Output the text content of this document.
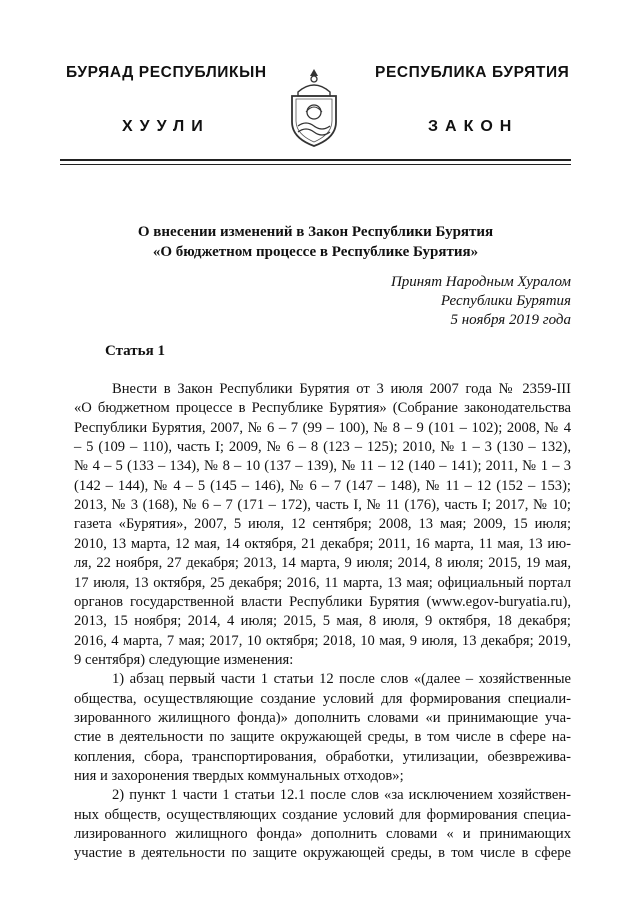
БУРЯАД РЕСПУБЛИКЫН	РЕСПУБЛИКА БУРЯТИЯ
ХУУЛИ	ЗАКОН
О внесении изменений в Закон Республики Бурятия
«О бюджетном процессе в Республике Бурятия»
Принят Народным Хуралом
Республики Бурятия
5 ноября 2019 года
Статья 1
Внести в Закон Республики Бурятия от 3 июля 2007 года № 2359-III
«О бюджетном процессе в Республике Бурятия» (Собрание законодательства
Республики Бурятия, 2007, № 6 – 7 (99 – 100), № 8 – 9 (101 – 102); 2008, № 4
– 5 (109 – 110), часть I; 2009, № 6 – 8 (123 – 125); 2010, № 1 – 3 (130 – 132),
№ 4 – 5 (133 – 134), № 8 – 10 (137 – 139), № 11 – 12 (140 – 141); 2011, № 1 – 3
(142 – 144), № 4 – 5 (145 – 146), № 6 – 7 (147 – 148), № 11 – 12 (152 – 153);
2013, № 3 (168), № 6 – 7 (171 – 172), часть I, № 11 (176), часть I; 2017, № 10;
газета «Бурятия», 2007, 5 июля, 12 сентября; 2008, 13 мая; 2009, 15 июля;
2010, 13 марта, 12 мая, 14 октября, 21 декабря; 2011, 16 марта, 11 мая, 13 ию-
ля, 22 ноября, 27 декабря; 2013, 14 марта, 9 июля; 2014, 8 июля; 2015, 19 мая,
17 июля, 13 октября, 25 декабря; 2016, 11 марта, 13 мая; официальный портал
органов государственной власти Республики Бурятия (www.egov-buryatia.ru),
2013, 15 ноября; 2014, 4 июля; 2015, 5 мая, 8 июля, 9 октября, 18 декабря;
2016, 4 марта, 7 мая; 2017, 10 октября; 2018, 10 мая, 9 июля, 13 декабря; 2019,
9 сентября) следующие изменения:
1) абзац первый части 1 статьи 12 после слов «(далее – хозяйственные
общества, осуществляющие создание условий для формирования специали-
зированного жилищного фонда)» дополнить словами «и принимающие уча-
стие в деятельности по защите окружающей среды, в том числе в сфере на-
копления, сбора, транспортирования, обработки, утилизации, обезврежива-
ния и захоронения твердых коммунальных отходов»;
2) пункт 1 части 1 статьи 12.1 после слов «за исключением хозяйствен-
ных обществ, осуществляющих создание условий для формирования специа-
лизированного жилищного фонда» дополнить словами « и принимающих
участие в деятельности по защите окружающей среды, в том числе в сфере
